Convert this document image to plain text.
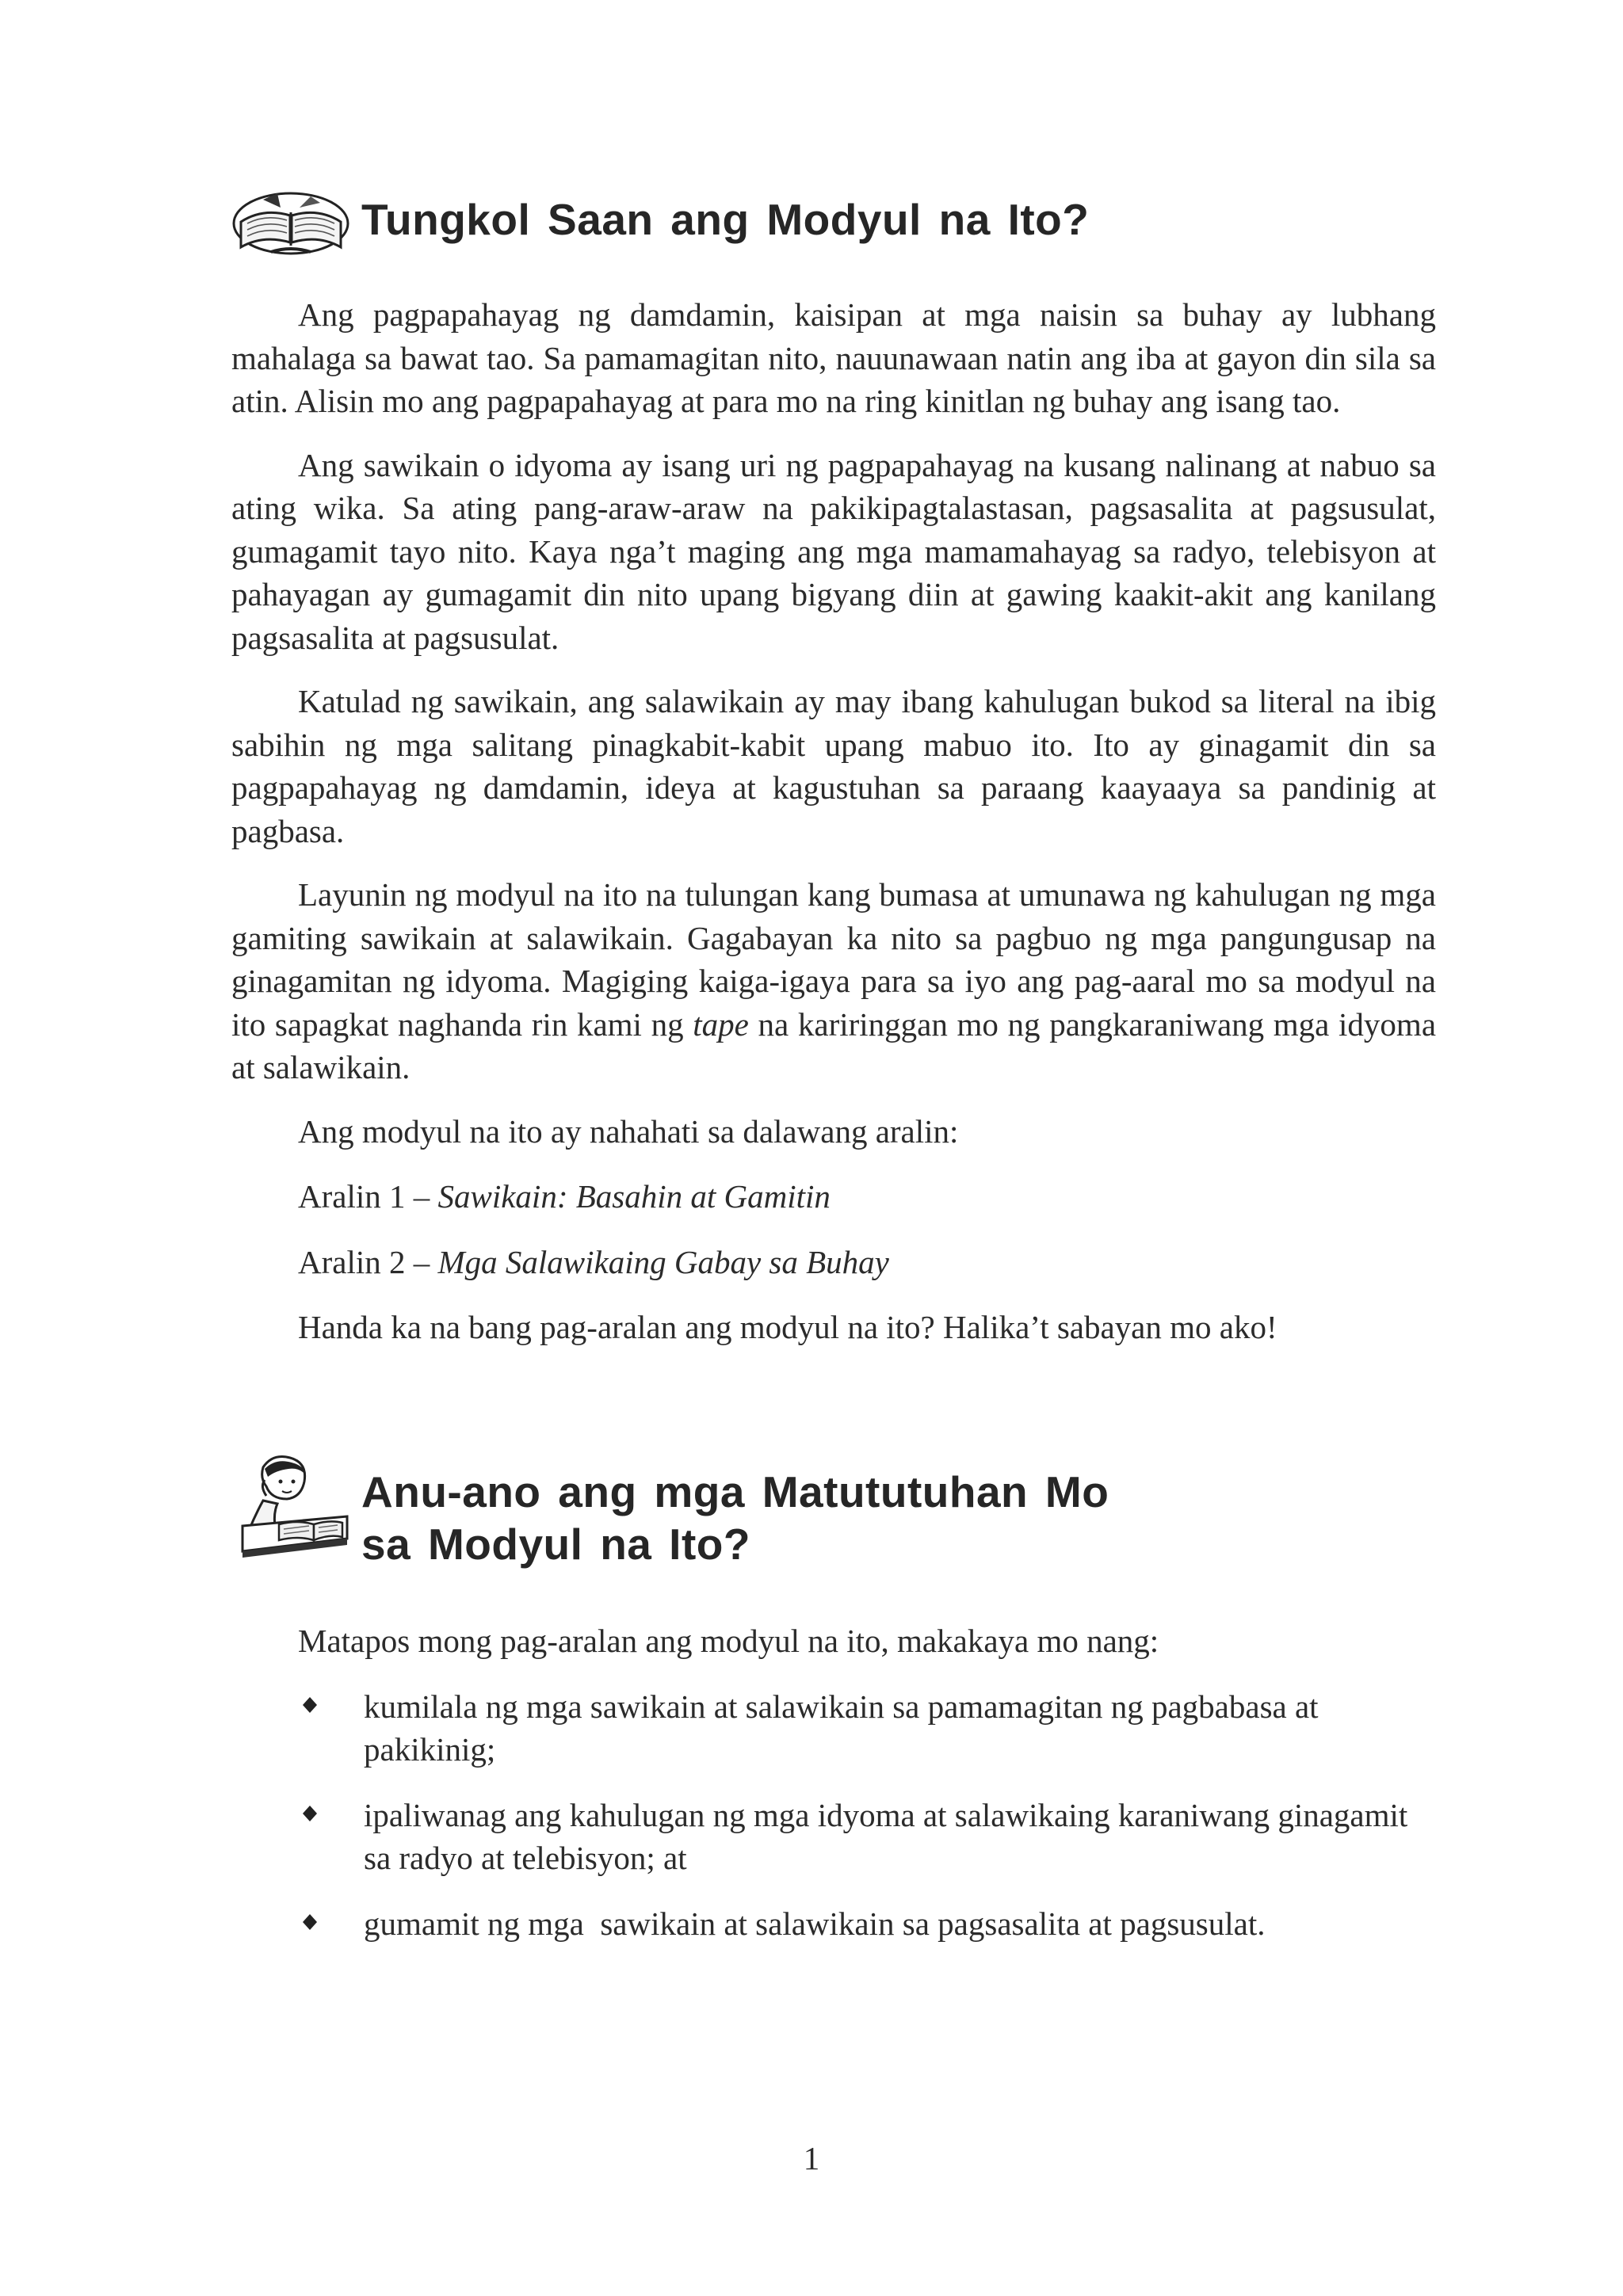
Tungkol Saan ang Modyul na Ito?

Ang pagpapahayag ng damdamin, kaisipan at mga naisin sa buhay ay lubhang mahalaga sa bawat tao. Sa pamamagitan nito, nauunawaan natin ang iba at gayon din sila sa atin. Alisin mo ang pagpapahayag at para mo na ring kinitlan ng buhay ang isang tao.

Ang sawikain o idyoma ay isang uri ng pagpapahayag na kusang nalinang at nabuo sa ating wika. Sa ating pang-araw-araw na pakikipagtalastasan, pagsasalita at pagsusulat, gumagamit tayo nito. Kaya nga’t maging ang mga mamamahayag sa radyo, telebisyon at pahayagan ay gumagamit din nito upang bigyang diin at gawing kaakit-akit ang kanilang pagsasalita at pagsusulat.

Katulad ng sawikain, ang salawikain ay may ibang kahulugan bukod sa literal na ibig sabihin ng mga salitang pinagkabit-kabit upang mabuo ito. Ito ay ginagamit din sa pagpapahayag ng damdamin, ideya at kagustuhan sa paraang kaayaaya sa pandinig at pagbasa.

Layunin ng modyul na ito na tulungan kang bumasa at umunawa ng kahulugan ng mga gamiting sawikain at salawikain. Gagabayan ka nito sa pagbuo ng mga pangungusap na ginagamitan ng idyoma. Magiging kaiga-igaya para sa iyo ang pag-aaral mo sa modyul na ito sapagkat naghanda rin kami ng tape na kariringgan mo ng pangkaraniwang mga idyoma at salawikain.

Ang modyul na ito ay nahahati sa dalawang aralin:

Aralin 1 – Sawikain: Basahin at Gamitin

Aralin 2 – Mga Salawikaing Gabay sa Buhay

Handa ka na bang pag-aralan ang modyul na ito? Halika’t sabayan mo ako!

Anu-ano ang mga Matututuhan Mo
sa Modyul na Ito?

Matapos mong pag-aralan ang modyul na ito, makakaya mo nang:

kumilala ng mga sawikain at salawikain sa pamamagitan ng pagbabasa at pakikinig;
ipaliwanag ang kahulugan ng mga idyoma at salawikaing karaniwang ginagamit sa radyo at telebisyon; at
gumamit ng mga  sawikain at salawikain sa pagsasalita at pagsusulat.
1
